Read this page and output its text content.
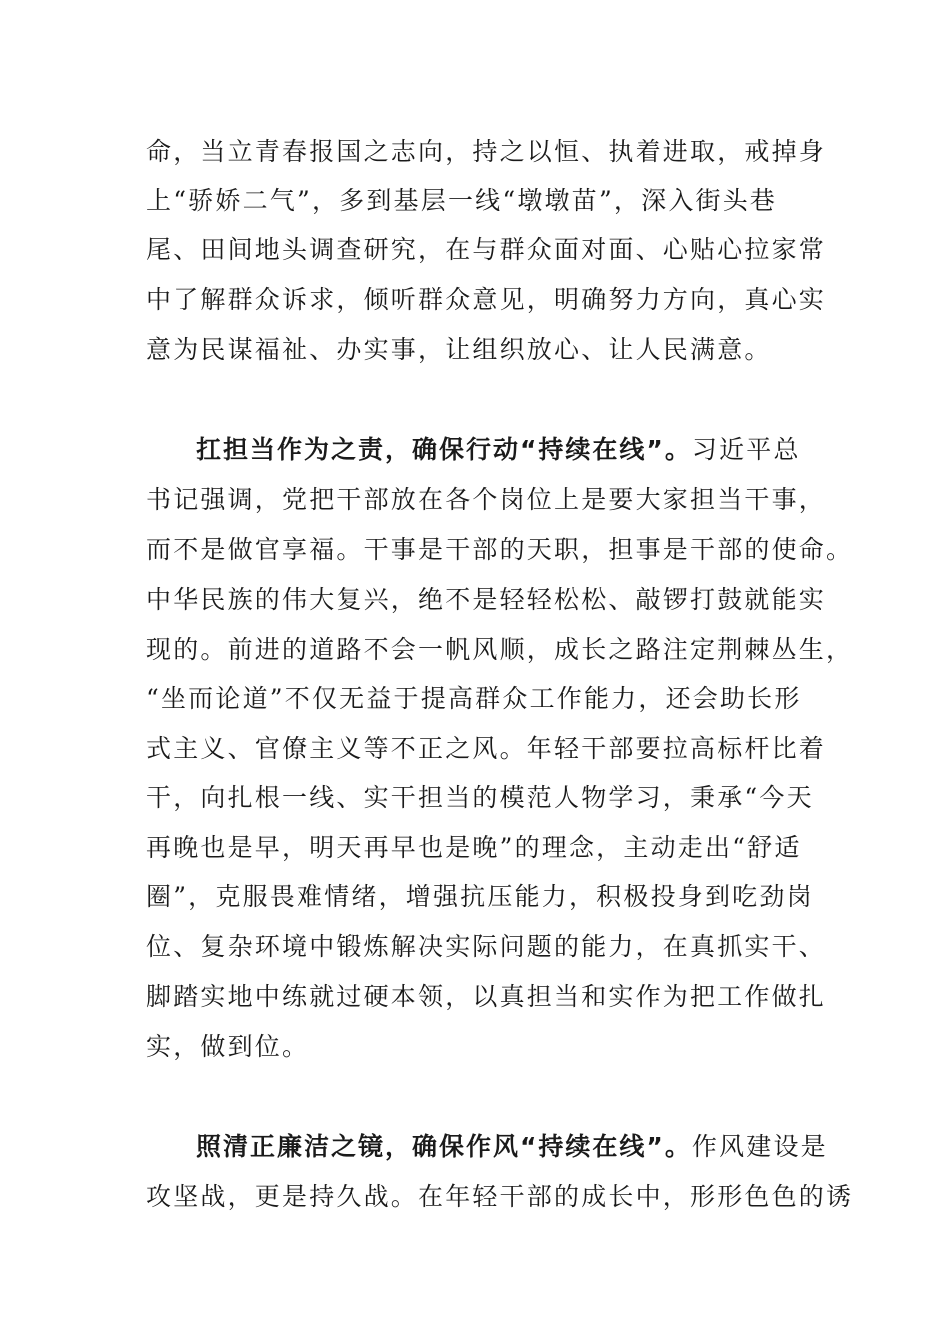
命，当立青春报国之志向，持之以恒、执着进取，戒掉身
上“骄娇二气”，多到基层一线“墩墩苗”，深入街头巷
尾、田间地头调查研究，在与群众面对面、心贴心拉家常
中了解群众诉求，倾听群众意见，明确努力方向，真心实
意为民谋福祉、办实事，让组织放心、让人民满意。
扛担当作为之责，确保行动“持续在线”。习近平总
书记强调，党把干部放在各个岗位上是要大家担当干事，
而不是做官享福。干事是干部的天职，担事是干部的使命。
中华民族的伟大复兴，绝不是轻轻松松、敲锣打鼓就能实
现的。前进的道路不会一帆风顺，成长之路注定荆棘丛生，
“坐而论道”不仅无益于提高群众工作能力，还会助长形
式主义、官僚主义等不正之风。年轻干部要拉高标杆比着
干，向扎根一线、实干担当的模范人物学习，秉承“今天
再晚也是早，明天再早也是晚”的理念，主动走出“舒适
圈”，克服畏难情绪，增强抗压能力，积极投身到吃劲岗
位、复杂环境中锻炼解决实际问题的能力，在真抓实干、
脚踏实地中练就过硬本领，以真担当和实作为把工作做扎
实，做到位。
照清正廉洁之镜，确保作风“持续在线”。作风建设是
攻坚战，更是持久战。在年轻干部的成长中，形形色色的诱
